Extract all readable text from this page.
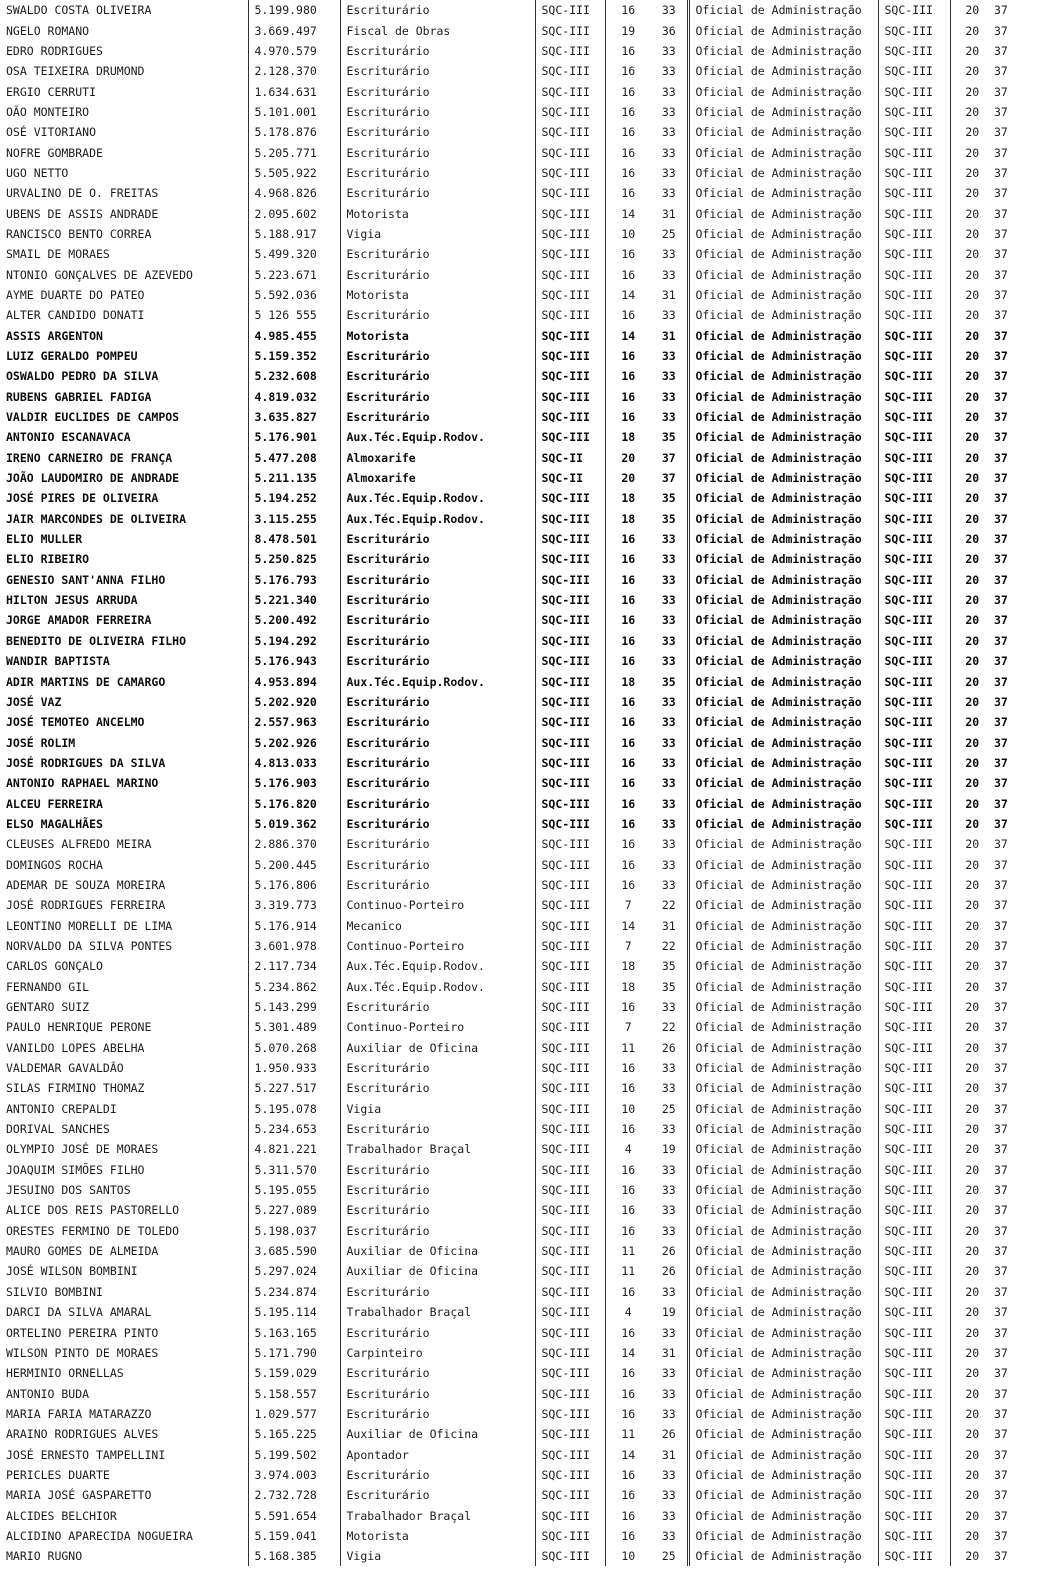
SWALDO COSTA OLIVEIRA	5.199.980	Escriturário	SQC-III	16	33	Oficial de Administração	SQC-III	20	37
NGELO ROMANO	3.669.497	Fiscal de Obras	SQC-III	19	36	Oficial de Administração	SQC-III	20	37
EDRO RODRIGUES	4.970.579	Escriturário	SQC-III	16	33	Oficial de Administração	SQC-III	20	37
OSA TEIXEIRA DRUMOND	2.128.370	Escriturário	SQC-III	16	33	Oficial de Administração	SQC-III	20	37
ERGIO CERRUTI	1.634.631	Escriturário	SQC-III	16	33	Oficial de Administração	SQC-III	20	37
OÃO MONTEIRO	5.101.001	Escriturário	SQC-III	16	33	Oficial de Administração	SQC-III	20	37
OSÉ VITORIANO	5.178.876	Escriturário	SQC-III	16	33	Oficial de Administração	SQC-III	20	37
NOFRE GOMBRADE	5.205.771	Escriturário	SQC-III	16	33	Oficial de Administração	SQC-III	20	37
UGO NETTO	5.505.922	Escriturário	SQC-III	16	33	Oficial de Administração	SQC-III	20	37
URVALINO DE O. FREITAS	4.968.826	Escriturário	SQC-III	16	33	Oficial de Administração	SQC-III	20	37
UBENS DE ASSIS ANDRADE	2.095.602	Motorista	SQC-III	14	31	Oficial de Administração	SQC-III	20	37
RANCISCO BENTO CORREA	5.188.917	Vigia	SQC-III	10	25	Oficial de Administração	SQC-III	20	37
SMAIL DE MORAES	5.499.320	Escriturário	SQC-III	16	33	Oficial de Administração	SQC-III	20	37
NTONIO GONÇALVES DE AZEVEDO	5.223.671	Escriturário	SQC-III	16	33	Oficial de Administração	SQC-III	20	37
AYME DUARTE DO PATEO	5.592.036	Motorista	SQC-III	14	31	Oficial de Administração	SQC-III	20	37
ALTER CANDIDO DONATI	5 126 555	Escriturário	SQC-III	16	33	Oficial de Administração	SQC-III	20	37
ASSIS ARGENTON	4.985.455	Motorista	SQC-III	14	31	Oficial de Administração	SQC-III	20	37
LUIZ GERALDO POMPEU	5.159.352	Escriturário	SQC-III	16	33	Oficial de Administração	SQC-III	20	37
OSWALDO PEDRO DA SILVA	5.232.608	Escriturário	SQC-III	16	33	Oficial de Administração	SQC-III	20	37
RUBENS GABRIEL FADIGA	4.819.032	Escriturário	SQC-III	16	33	Oficial de Administração	SQC-III	20	37
VALDIR EUCLIDES DE CAMPOS	3.635.827	Escriturário	SQC-III	16	33	Oficial de Administração	SQC-III	20	37
ANTONIO ESCANAVACA	5.176.901	Aux.Téc.Equip.Rodov.	SQC-III	18	35	Oficial de Administração	SQC-III	20	37
IRENO CARNEIRO DE FRANÇA	5.477.208	Almoxarife	SQC-II	20	37	Oficial de Administração	SQC-III	20	37
JOÃO LAUDOMIRO DE ANDRADE	5.211.135	Almoxarife	SQC-II	20	37	Oficial de Administração	SQC-III	20	37
JOSÉ PIRES DE OLIVEIRA	5.194.252	Aux.Téc.Equip.Rodov.	SQC-III	18	35	Oficial de Administração	SQC-III	20	37
JAIR MARCONDES DE OLIVEIRA	3.115.255	Aux.Téc.Equip.Rodov.	SQC-III	18	35	Oficial de Administração	SQC-III	20	37
ELIO MULLER	8.478.501	Escriturário	SQC-III	16	33	Oficial de Administração	SQC-III	20	37
ELIO RIBEIRO	5.250.825	Escriturário	SQC-III	16	33	Oficial de Administração	SQC-III	20	37
GENESIO SANT'ANNA FILHO	5.176.793	Escriturário	SQC-III	16	33	Oficial de Administração	SQC-III	20	37
HILTON JESUS ARRUDA	5.221.340	Escriturário	SQC-III	16	33	Oficial de Administração	SQC-III	20	37
JORGE AMADOR FERREIRA	5.200.492	Escriturário	SQC-III	16	33	Oficial de Administração	SQC-III	20	37
BENEDITO DE OLIVEIRA FILHO	5.194.292	Escriturário	SQC-III	16	33	Oficial de Administração	SQC-III	20	37
WANDIR BAPTISTA	5.176.943	Escriturário	SQC-III	16	33	Oficial de Administração	SQC-III	20	37
ADIR MARTINS DE CAMARGO	4.953.894	Aux.Téc.Equip.Rodov.	SQC-III	18	35	Oficial de Administração	SQC-III	20	37
JOSÉ VAZ	5.202.920	Escriturário	SQC-III	16	33	Oficial de Administração	SQC-III	20	37
JOSÉ TEMOTEO ANCELMO	2.557.963	Escriturário	SQC-III	16	33	Oficial de Administração	SQC-III	20	37
JOSÉ ROLIM	5.202.926	Escriturário	SQC-III	16	33	Oficial de Administração	SQC-III	20	37
JOSÉ RODRIGUES DA SILVA	4.813.033	Escriturário	SQC-III	16	33	Oficial de Administração	SQC-III	20	37
ANTONIO RAPHAEL MARINO	5.176.903	Escriturário	SQC-III	16	33	Oficial de Administração	SQC-III	20	37
ALCEU FERREIRA	5.176.820	Escriturário	SQC-III	16	33	Oficial de Administração	SQC-III	20	37
ELSO MAGALHÃES	5.019.362	Escriturário	SQC-III	16	33	Oficial de Administração	SQC-III	20	37
CLEUSES ALFREDO MEIRA	2.886.370	Escriturário	SQC-III	16	33	Oficial de Administração	SQC-III	20	37
DOMINGOS ROCHA	5.200.445	Escriturário	SQC-III	16	33	Oficial de Administração	SQC-III	20	37
ADEMAR DE SOUZA MOREIRA	5.176.806	Escriturário	SQC-III	16	33	Oficial de Administração	SQC-III	20	37
JOSÉ RODRIGUES FERREIRA	3.319.773	Continuo-Porteiro	SQC-III	7	22	Oficial de Administração	SQC-III	20	37
LEONTINO MORELLI DE LIMA	5.176.914	Mecanico	SQC-III	14	31	Oficial de Administração	SQC-III	20	37
NORVALDO DA SILVA PONTES	3.601.978	Continuo-Porteiro	SQC-III	7	22	Oficial de Administração	SQC-III	20	37
CARLOS GONÇALO	2.117.734	Aux.Téc.Equip.Rodov.	SQC-III	18	35	Oficial de Administração	SQC-III	20	37
FERNANDO GIL	5.234.862	Aux.Téc.Equip.Rodov.	SQC-III	18	35	Oficial de Administração	SQC-III	20	37
GENTARO SUIZ	5.143.299	Escriturário	SQC-III	16	33	Oficial de Administração	SQC-III	20	37
PAULO HENRIQUE PERONE	5.301.489	Continuo-Porteiro	SQC-III	7	22	Oficial de Administração	SQC-III	20	37
VANILDO LOPES ABELHA	5.070.268	Auxiliar de Oficina	SQC-III	11	26	Oficial de Administração	SQC-III	20	37
VALDEMAR GAVALDÃO	1.950.933	Escriturário	SQC-III	16	33	Oficial de Administração	SQC-III	20	37
SILAS FIRMINO THOMAZ	5.227.517	Escriturário	SQC-III	16	33	Oficial de Administração	SQC-III	20	37
ANTONIO CREPALDI	5.195.078	Vigia	SQC-III	10	25	Oficial de Administração	SQC-III	20	37
DORIVAL SANCHES	5.234.653	Escriturário	SQC-III	16	33	Oficial de Administração	SQC-III	20	37
OLYMPIO JOSÉ DE MORAES	4.821.221	Trabalhador Braçal	SQC-III	4	19	Oficial de Administração	SQC-III	20	37
JOAQUIM SIMÕES FILHO	5.311.570	Escriturário	SQC-III	16	33	Oficial de Administração	SQC-III	20	37
JESUINO DOS SANTOS	5.195.055	Escriturário	SQC-III	16	33	Oficial de Administração	SQC-III	20	37
ALICE DOS REIS PASTORELLO	5.227.089	Escriturário	SQC-III	16	33	Oficial de Administração	SQC-III	20	37
ORESTES FERMINO DE TOLEDO	5.198.037	Escriturário	SQC-III	16	33	Oficial de Administração	SQC-III	20	37
MAURO GOMES DE ALMEIDA	3.685.590	Auxiliar de Oficina	SQC-III	11	26	Oficial de Administração	SQC-III	20	37
JOSÉ WILSON BOMBINI	5.297.024	Auxiliar de Oficina	SQC-III	11	26	Oficial de Administração	SQC-III	20	37
SILVIO BOMBINI	5.234.874	Escriturário	SQC-III	16	33	Oficial de Administração	SQC-III	20	37
DARCI DA SILVA AMARAL	5.195.114	Trabalhador Braçal	SQC-III	4	19	Oficial de Administração	SQC-III	20	37
ORTELINO PEREIRA PINTO	5.163.165	Escriturário	SQC-III	16	33	Oficial de Administração	SQC-III	20	37
WILSON PINTO DE MORAES	5.171.790	Carpinteiro	SQC-III	14	31	Oficial de Administração	SQC-III	20	37
HERMINIO ORNELLAS	5.159.029	Escriturário	SQC-III	16	33	Oficial de Administração	SQC-III	20	37
ANTONIO BUDA	5.158.557	Escriturário	SQC-III	16	33	Oficial de Administração	SQC-III	20	37
MARIA FARIA MATARAZZO	1.029.577	Escriturário	SQC-III	16	33	Oficial de Administração	SQC-III	20	37
ARAINO RODRIGUES ALVES	5.165.225	Auxiliar de Oficina	SQC-III	11	26	Oficial de Administração	SQC-III	20	37
JOSÉ ERNESTO TAMPELLINI	5.199.502	Apontador	SQC-III	14	31	Oficial de Administração	SQC-III	20	37
PERICLES DUARTE	3.974.003	Escriturário	SQC-III	16	33	Oficial de Administração	SQC-III	20	37
MARIA JOSÉ GASPARETTO	2.732.728	Escriturário	SQC-III	16	33	Oficial de Administração	SQC-III	20	37
ALCIDES BELCHIOR	5.591.654	Trabalhador Braçal	SQC-III	16	33	Oficial de Administração	SQC-III	20	37
ALCIDINO APARECIDA NOGUEIRA	5.159.041	Motorista	SQC-III	16	33	Oficial de Administração	SQC-III	20	37
MARIO RUGNO	5.168.385	Vigia	SQC-III	10	25	Oficial de Administração	SQC-III	20	37
